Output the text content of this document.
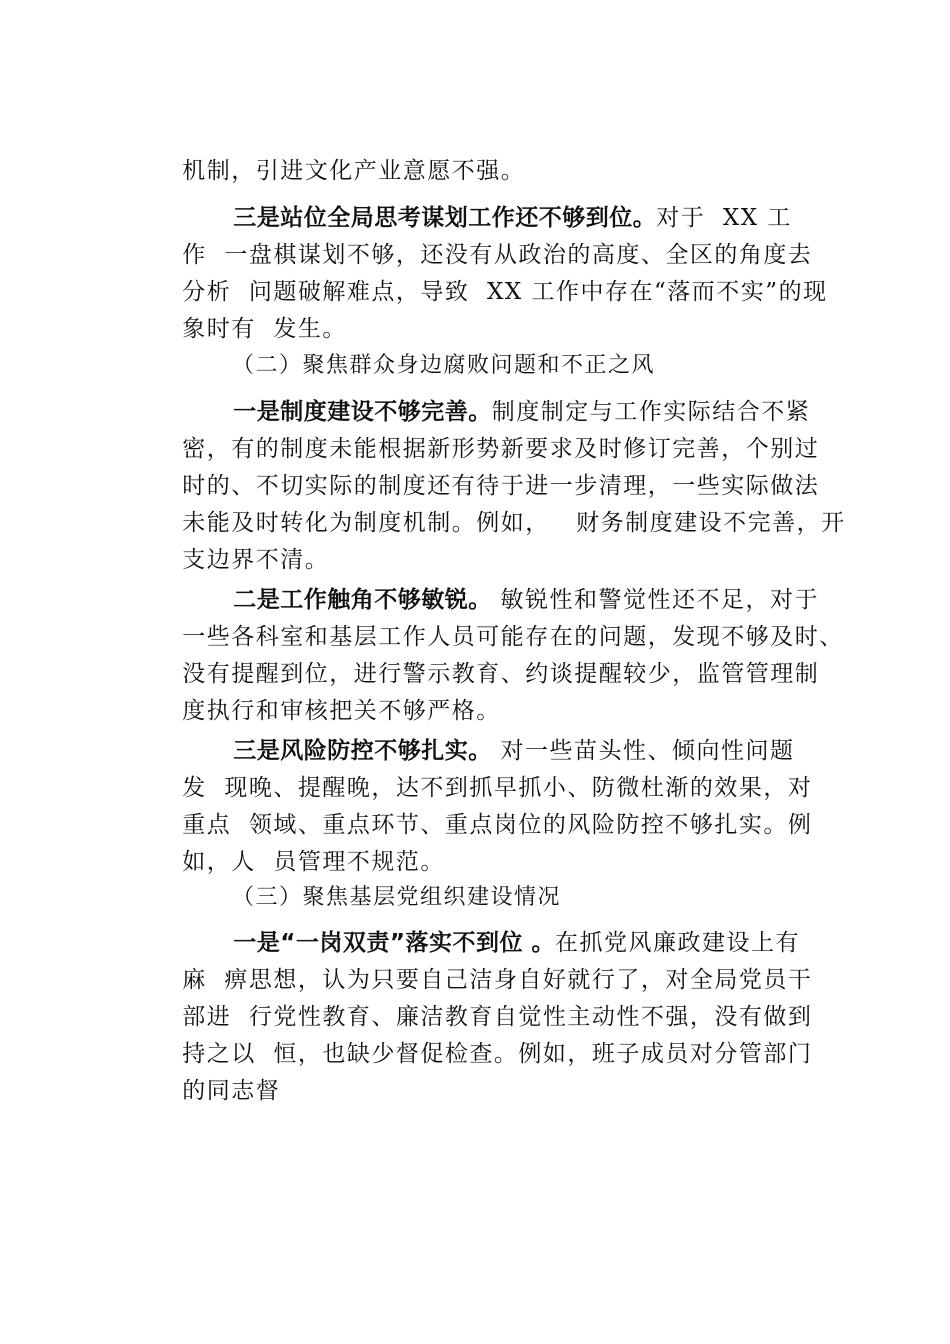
机制，引进文化产业意愿不强。

三是站位全局思考谋划工作还不够到位。对于  XX 工

作  一盘棋谋划不够，还没有从政治的高度、全区的角度去

分析  问题破解难点，导致  XX 工作中存在“落而不实”的现

象时有  发生。

（二）聚焦群众身边腐败问题和不正之风

一是制度建设不够完善。制度制定与工作实际结合不紧

密，有的制度未能根据新形势新要求及时修订完善，个别过

时的、不切实际的制度还有待于进一步清理，一些实际做法

未能及时转化为制度机制。例如，   财务制度建设不完善，开

支边界不清。

二是工作触角不够敏锐。 敏锐性和警觉性还不足，对于

一些各科室和基层工作人员可能存在的问题，发现不够及时、

没有提醒到位，进行警示教育、约谈提醒较少，监管管理制

度执行和审核把关不够严格。

三是风险防控不够扎实。 对一些苗头性、倾向性问题

发  现晚、提醒晚，达不到抓早抓小、防微杜渐的效果，对

重点  领域、重点环节、重点岗位的风险防控不够扎实。例

如，人  员管理不规范。

（三）聚焦基层党组织建设情况

一是“一岗双责”落实不到位 。在抓党风廉政建设上有

麻  痹思想，认为只要自己洁身自好就行了，对全局党员干

部进  行党性教育、廉洁教育自觉性主动性不强，没有做到

持之以  恒，也缺少督促检查。例如，班子成员对分管部门

的同志督
